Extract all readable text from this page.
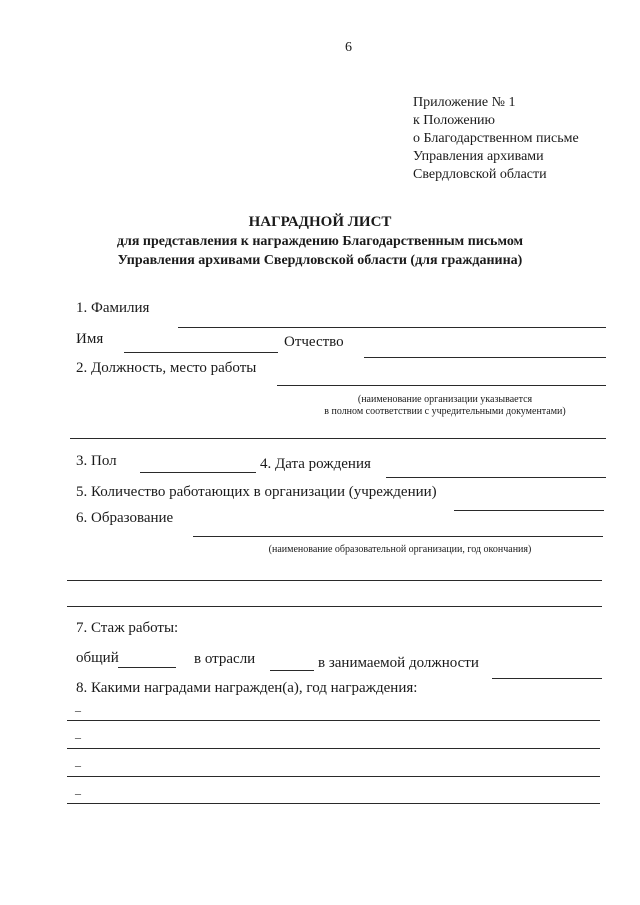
6
Приложение № 1
к Положению
о Благодарственном письме
Управления архивами
Свердловской области
НАГРАДНОЙ ЛИСТ
для представления к награждению Благодарственным письмом
Управления архивами Свердловской области (для гражданина)
1. Фамилия
Имя	Отчество
2. Должность, место работы
(наименование организации указывается
в полном соответствии с учредительными документами)
3. Пол	4. Дата рождения
5. Количество работающих в организации (учреждении)
6. Образование
(наименование образовательной организации, год окончания)
7. Стаж работы:
общий	в отрасли	в занимаемой должности
8. Какими наградами награжден(а), год награждения:
–
–
–
–
